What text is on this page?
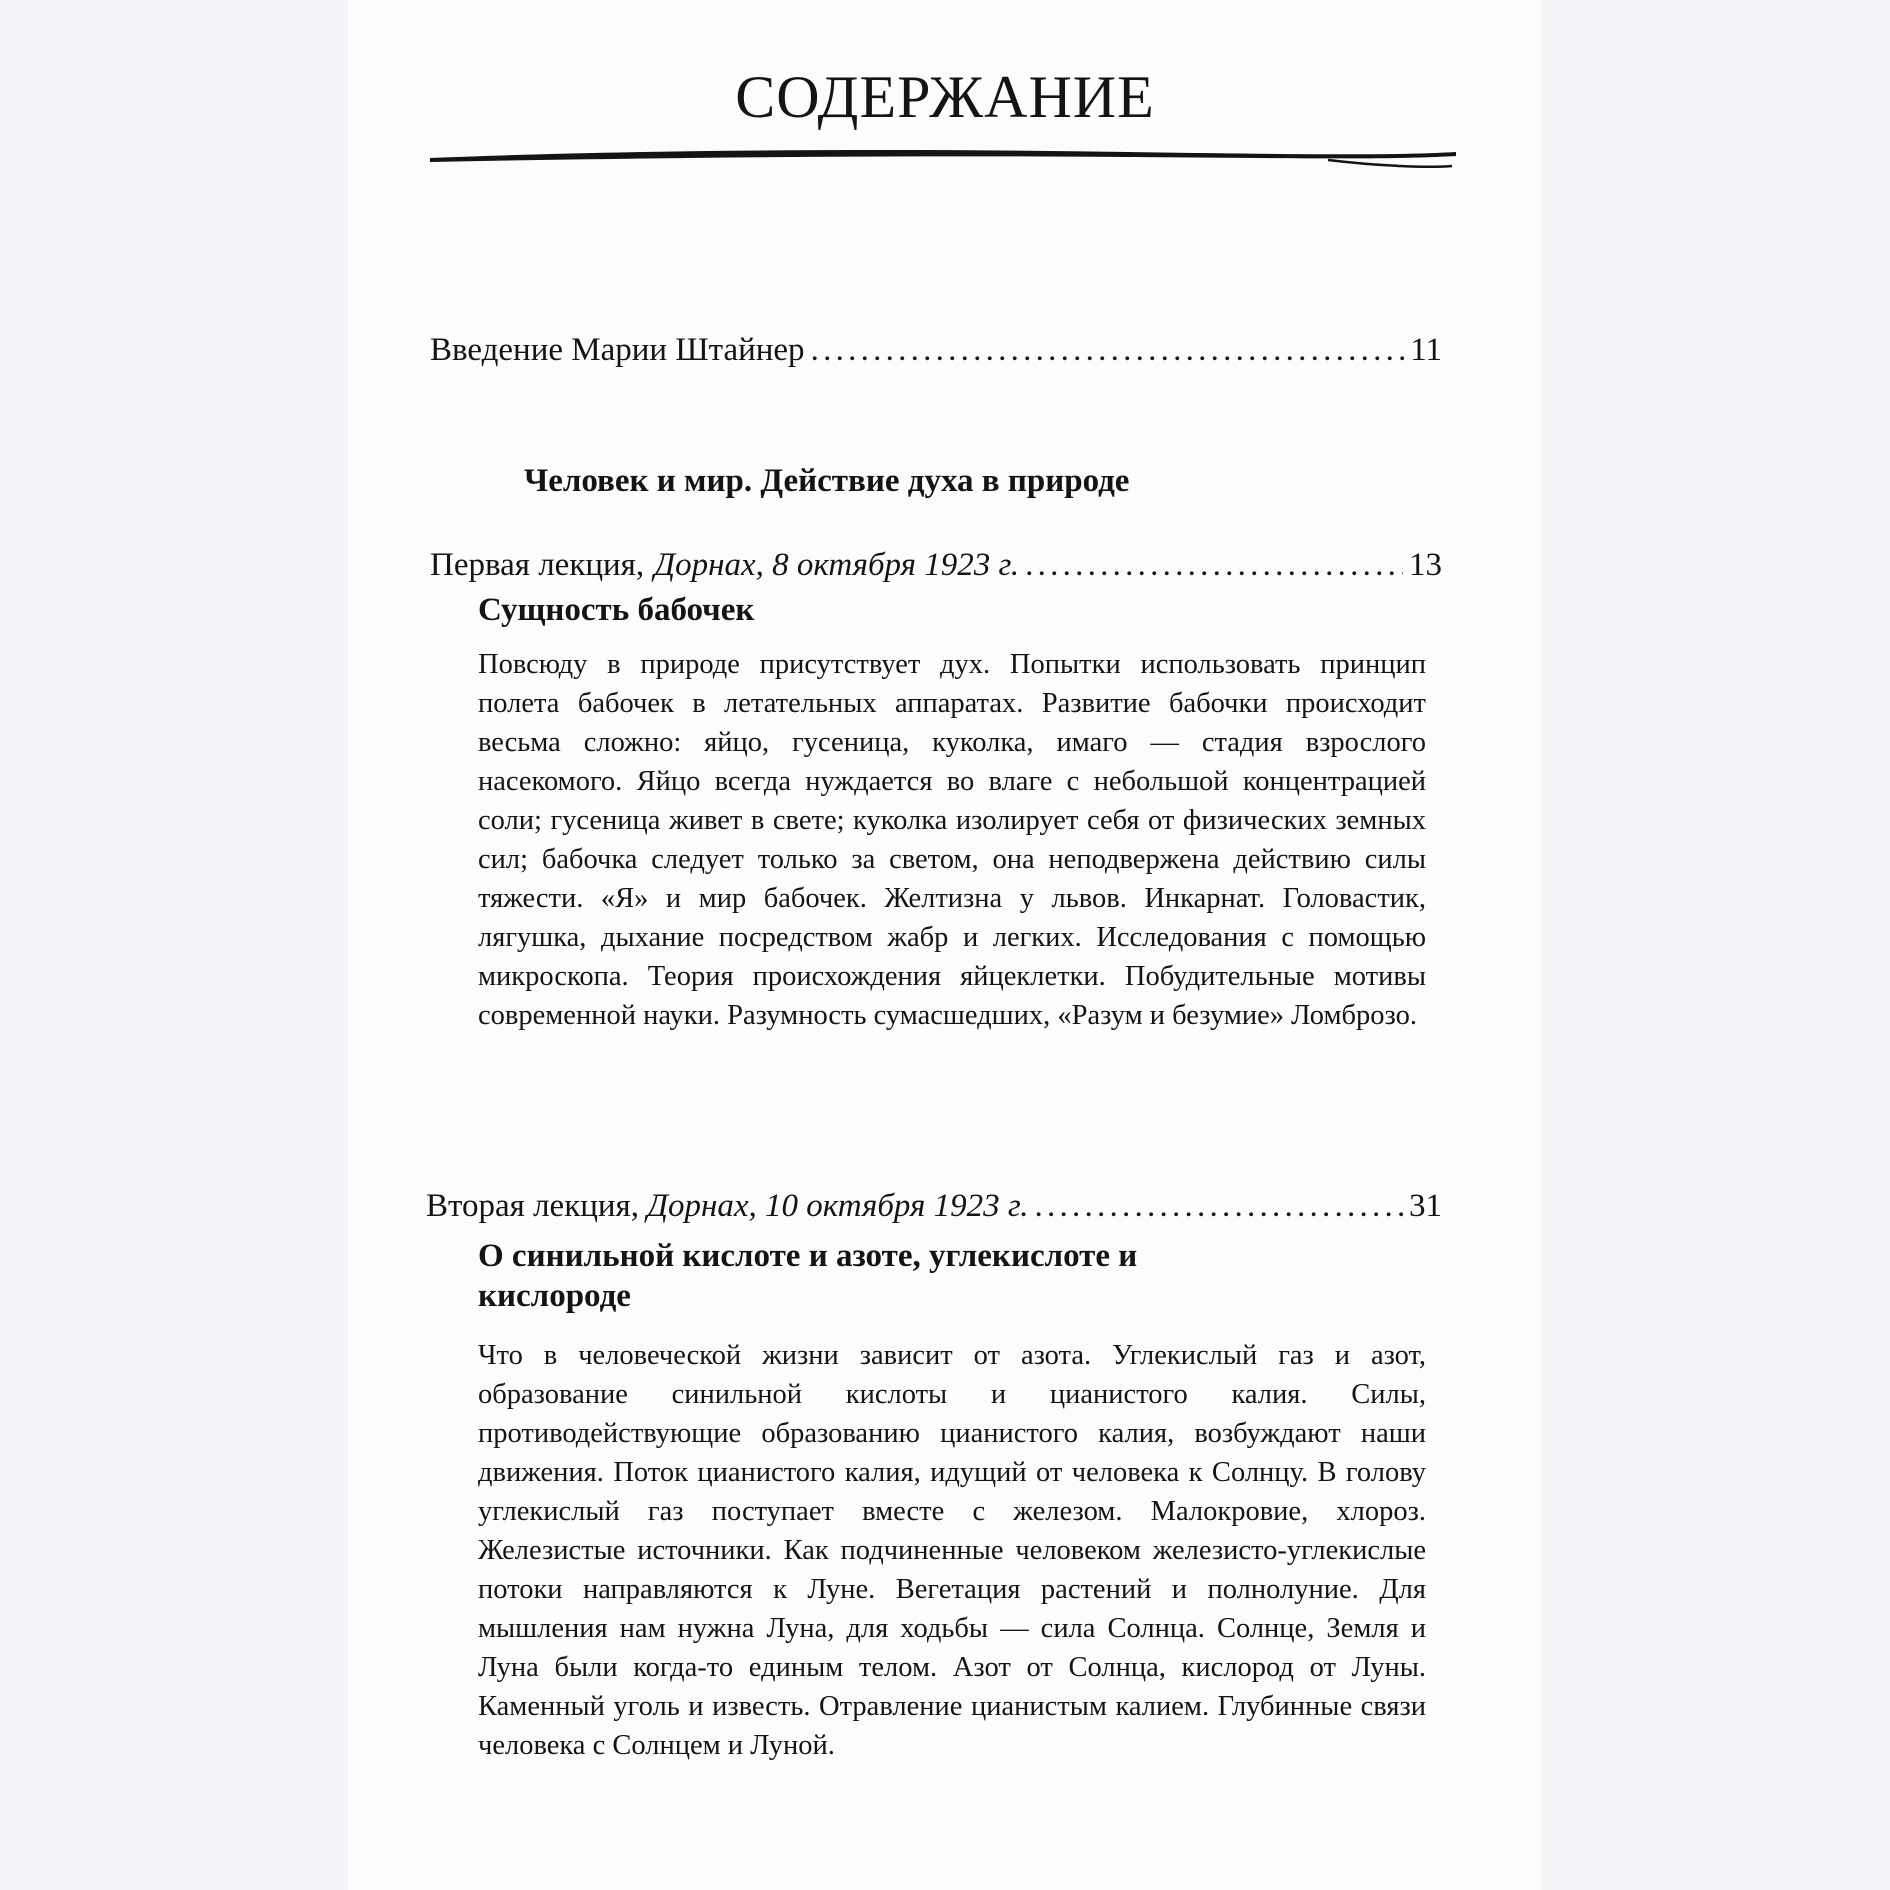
СОДЕРЖАНИЕ
Введение Марии Штайнер . . .	11
Человек и мир. Действие духа в природе
Первая лекция, Дорнах, 8 октября 1923 г. . . .	13
Сущность бабочек
Повсюду в природе присутствует дух. Попытки использовать принцип полета бабочек в летательных аппаратах. Развитие бабочки происходит весьма сложно: яйцо, гусеница, куколка, имаго — стадия взрослого насекомого. Яйцо всегда нуждается во влаге с небольшой концентрацией соли; гусеница живет в свете; куколка изолирует себя от физических земных сил; бабочка следует только за светом, она неподвержена действию силы тяжести. «Я» и мир бабочек. Желтизна у львов. Инкарнат. Головастик, лягушка, дыхание посредством жабр и легких. Исследования с помощью микроскопа. Теория происхождения яйцеклетки. Побудительные мотивы современной науки. Разумность сумасшедших, «Разум и безумие» Ломброзо.
Вторая лекция, Дорнах, 10 октября 1923 г. . . .	31
О синильной кислоте и азоте, углекислоте и кислороде
Что в человеческой жизни зависит от азота. Углекислый газ и азот, образование синильной кислоты и цианистого калия. Силы, противодействующие образованию цианистого калия, возбуждают наши движения. Поток цианистого калия, идущий от человека к Солнцу. В голову углекислый газ поступает вместе с железом. Малокровие, хлороз. Железистые источники. Как подчиненные человеком железисто-углекислые потоки направляются к Луне. Вегетация растений и полнолуние. Для мышления нам нужна Луна, для ходьбы — сила Солнца. Солнце, Земля и Луна были когда-то единым телом. Азот от Солнца, кислород от Луны. Каменный уголь и известь. Отравление цианистым калием. Глубинные связи человека с Солнцем и Луной.
